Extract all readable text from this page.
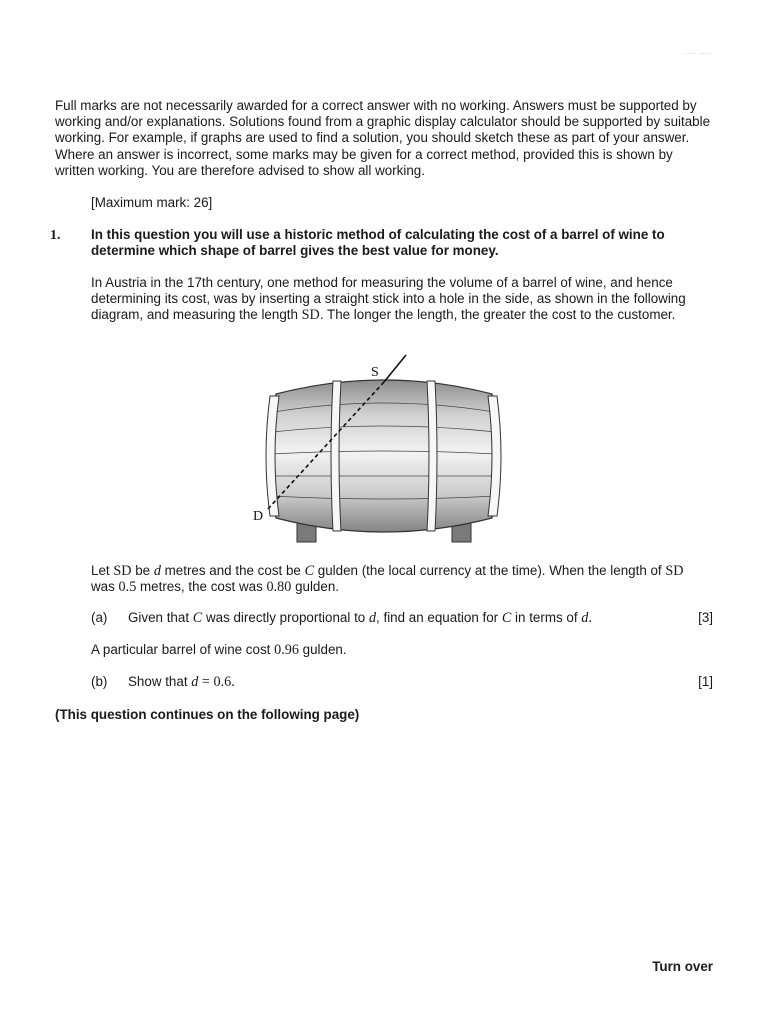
---- ----

Full marks are not necessarily awarded for a correct answer with no working. Answers must be supported by working and/or explanations. Solutions found from a graphic display calculator should be supported by suitable working. For example, if graphs are used to find a solution, you should sketch these as part of your answer. Where an answer is incorrect, some marks may be given for a correct method, provided this is shown by written working. You are therefore advised to show all working.

[Maximum mark: 26]
1. In this question you will use a historic method of calculating the cost of a barrel of wine to determine which shape of barrel gives the best value for money.

In Austria in the 17th century, one method for measuring the volume of a barrel of wine, and hence determining its cost, was by inserting a straight stick into a hole in the side, as shown in the following diagram, and measuring the length SD. The longer the length, the greater the cost to the customer.

S
D

Let SD be d metres and the cost be C gulden (the local currency at the time). When the length of SD was 0.5 metres, the cost was 0.80 gulden.

(a) Given that C was directly proportional to d, find an equation for C in terms of d.	[3]

A particular barrel of wine cost 0.96 gulden.

(b) Show that d = 0.6.	[1]
(This question continues on the following page)
Turn over
